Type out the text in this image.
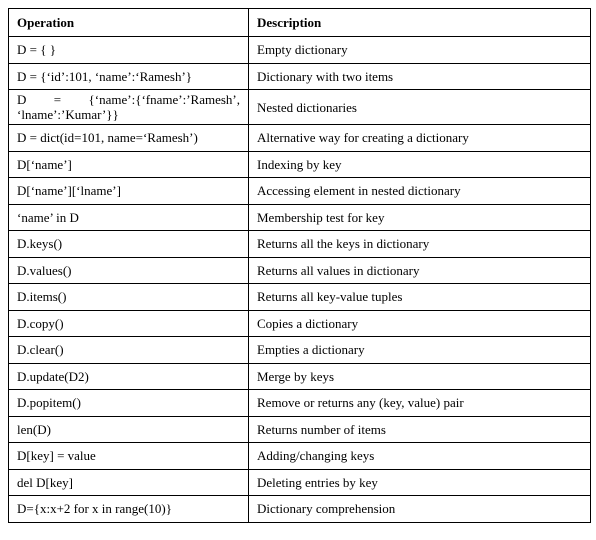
Operation	Description
D = { }	Empty dictionary
D = {‘id’:101, ‘name’:‘Ramesh’}	Dictionary with two items
D = {‘name’:{‘fname’:’Ramesh’, ‘lname’:’Kumar’}}	Nested dictionaries
D = dict(id=101, name=‘Ramesh’)	Alternative way for creating a dictionary
D[‘name’]	Indexing by key
D[‘name’][‘lname’]	Accessing element in nested dictionary
‘name’ in D	Membership test for key
D.keys()	Returns all the keys in dictionary
D.values()	Returns all values in dictionary
D.items()	Returns all key-value tuples
D.copy()	Copies a dictionary
D.clear()	Empties a dictionary
D.update(D2)	Merge by keys
D.popitem()	Remove or returns any (key, value) pair
len(D)	Returns number of items
D[key] = value	Adding/changing keys
del D[key]	Deleting entries by key
D={x:x+2 for x in range(10)}	Dictionary comprehension
